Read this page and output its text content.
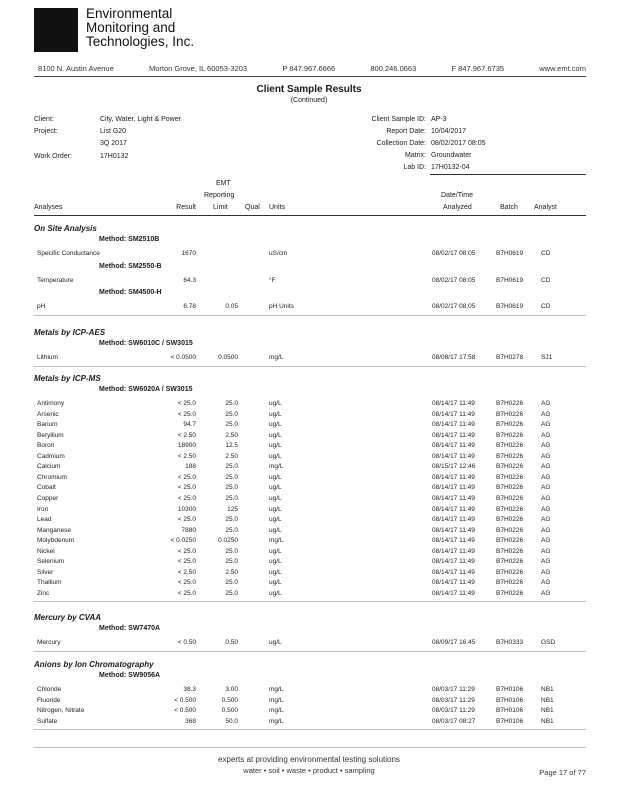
Environmental
Monitoring and
Technologies, Inc.
8100 N. Austin Avenue	Morton Grove, IL 60053-3203	P 847.967.6666	800.246.0663	F 847.967.6735	www.emt.com
Client Sample Results
(Continued)
Client:	City, Water, Light & Power
Project:	List G20
3Q 2017
Work Order:	17H0132
Client Sample ID: AP-3
Report Date: 10/04/2017
Collection Date: 08/02/2017 08:05
Matrix: Groundwater
Lab ID: 17H0132-04
Analyses	Result
EMT
Reporting
Limit Qual Units
Date/Time
Analyzed	Batch Analyst
On Site Analysis
Method: SM2510B
Specific Conductance	1670	uS/cm	08/02/17 08:05	B7H0619	CD
Method: SM2550-B
Temperature	64.3	°F	08/02/17 08:05	B7H0619	CD
Method: SM4500-H
pH	6.78	0.05	pH Units	08/02/17 08:05	B7H0619	CD
Metals by ICP-AES
Method: SW6010C / SW3015
Lithium	< 0.0500	0.0500	mg/L	08/08/17 17:58	B7H0278	SJ1
Metals by ICP-MS
Method: SW6020A / SW3015
Antimony	< 25.0	25.0	ug/L	08/14/17 11:49	B7H0226	AG
Arsenic	< 25.0	25.0	ug/L	08/14/17 11:49	B7H0226	AG
Barium	94.7	25.0	ug/L	08/14/17 11:49	B7H0226	AG
Beryllium	< 2.50	2.50	ug/L	08/14/17 11:49	B7H0226	AG
Boron	18900	12.5	ug/L	08/14/17 11:49	B7H0226	AG
Cadmium	< 2.50	2.50	ug/L	08/14/17 11:49	B7H0226	AG
Calcium	188	25.0	mg/L	08/15/17 12:46	B7H0226	AG
Chromium	< 25.0	25.0	ug/L	08/14/17 11:49	B7H0226	AG
Cobalt	< 25.0	25.0	ug/L	08/14/17 11:49	B7H0226	AG
Copper	< 25.0	25.0	ug/L	08/14/17 11:49	B7H0226	AG
Iron	10300	125	ug/L	08/14/17 11:49	B7H0226	AG
Lead	< 25.0	25.0	ug/L	08/14/17 11:49	B7H0226	AG
Manganese	7880	25.0	ug/L	08/14/17 11:49	B7H0226	AG
Molybdenum	< 0.0250	0.0250	mg/L	08/14/17 11:49	B7H0226	AG
Nickel	< 25.0	25.0	ug/L	08/14/17 11:49	B7H0226	AG
Selenium	< 25.0	25.0	ug/L	08/14/17 11:49	B7H0226	AG
Silver	< 2.50	2.50	ug/L	08/14/17 11:49	B7H0226	AG
Thallium	< 25.0	25.0	ug/L	08/14/17 11:49	B7H0226	AG
Zinc	< 25.0	25.0	ug/L	08/14/17 11:49	B7H0226	AG
Mercury by CVAA
Method: SW7470A
Mercury	< 0.50	0.50	ug/L	08/09/17 16:45	B7H0333	GSD
Anions by Ion Chromatography
Method: SW9056A
Chloride	38.3	3.00	mg/L	08/03/17 11:29	B7H0106	NB1
Fluoride	< 0.500	0.500	mg/L	08/03/17 11:29	B7H0106	NB1
Nitrogen, Nitrate	< 0.500	0.500	mg/L	08/03/17 11:29	B7H0106	NB1
Sulfate	368	50.0	mg/L	08/03/17 08:27	B7H0106	NB1
experts at providing environmental testing solutions
water • soil • waste • product • sampling	Page 17 of 77
